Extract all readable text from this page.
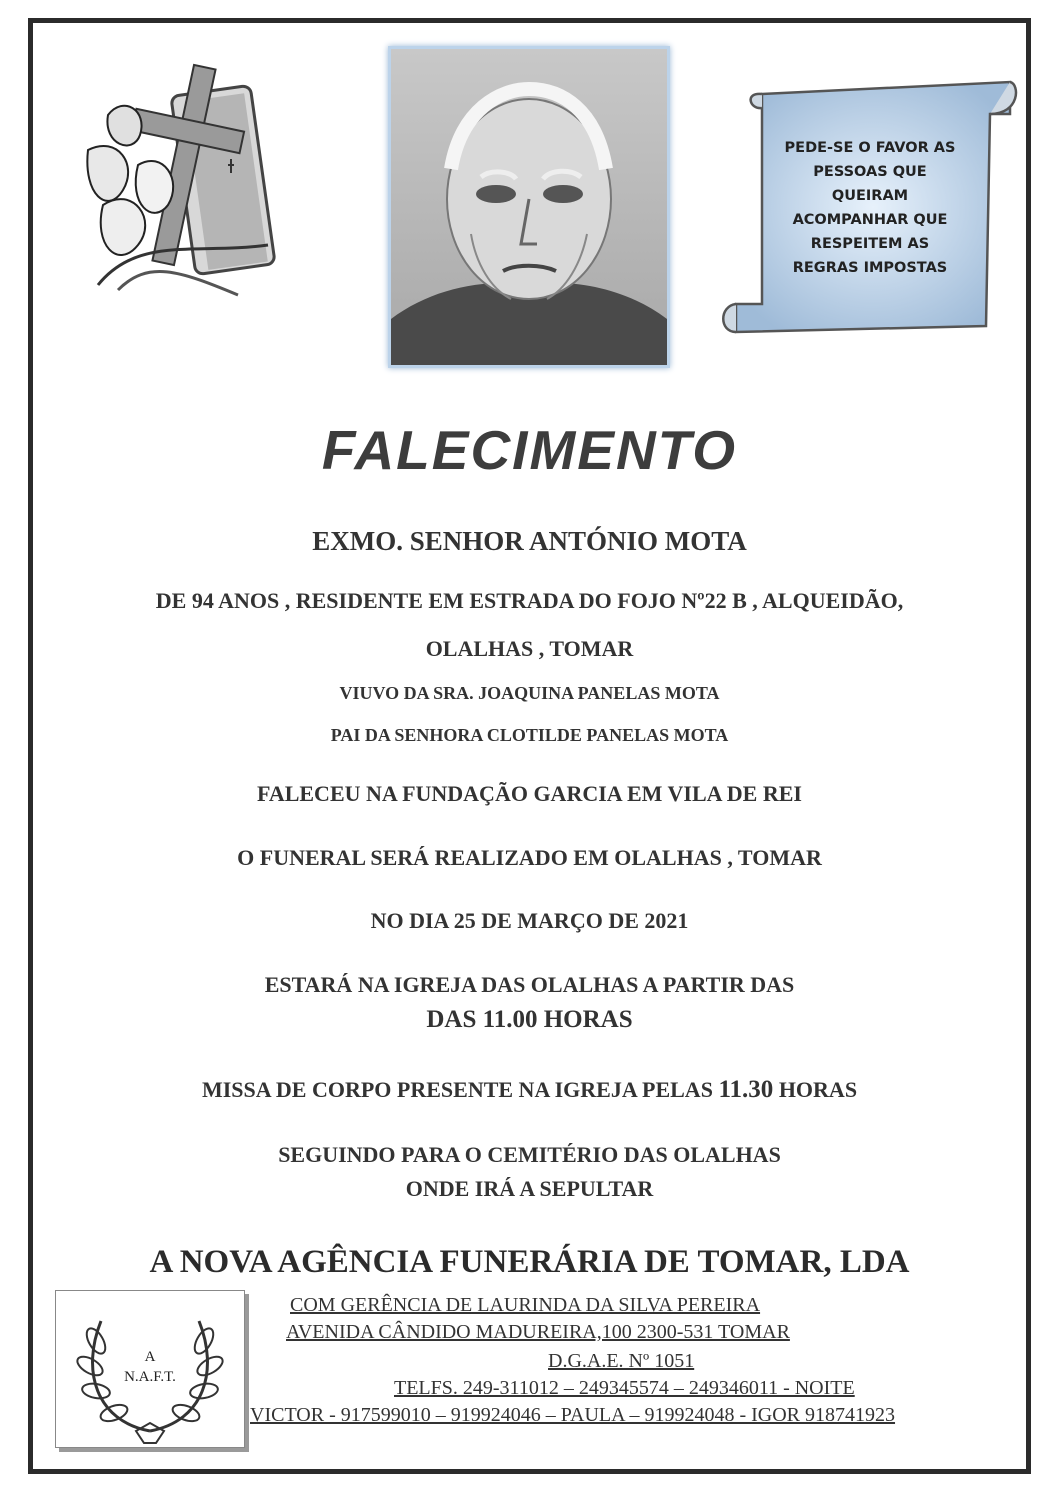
PEDE-SE O FAVOR AS
PESSOAS QUE
QUEIRAM
ACOMPANHAR QUE
RESPEITEM AS
REGRAS IMPOSTAS
FALECIMENTO
EXMO. SENHOR ANTÓNIO MOTA
DE 94 ANOS , RESIDENTE EM ESTRADA DO FOJO Nº22 B , ALQUEIDÃO,
OLALHAS , TOMAR
VIUVO DA SRA. JOAQUINA PANELAS MOTA
PAI DA SENHORA CLOTILDE PANELAS MOTA
FALECEU NA FUNDAÇÃO GARCIA EM VILA DE REI
O FUNERAL SERÁ REALIZADO EM OLALHAS , TOMAR
NO DIA 25 DE MARÇO DE 2021
ESTARÁ NA IGREJA DAS OLALHAS A PARTIR DAS
DAS 11.00 HORAS
MISSA DE CORPO PRESENTE NA IGREJA PELAS 11.30 HORAS
SEGUINDO PARA O CEMITÉRIO DAS OLALHAS
ONDE IRÁ A SEPULTAR
A NOVA AGÊNCIA FUNERÁRIA DE TOMAR, LDA
A
N.A.F.T.
COM GERÊNCIA DE LAURINDA DA SILVA PEREIRA
AVENIDA CÂNDIDO MADUREIRA,100 2300-531 TOMAR
D.G.A.E. Nº 1051
TELFS. 249-311012 – 249345574 – 249346011 - NOITE
VICTOR - 917599010 – 919924046 – PAULA – 919924048 - IGOR 918741923
